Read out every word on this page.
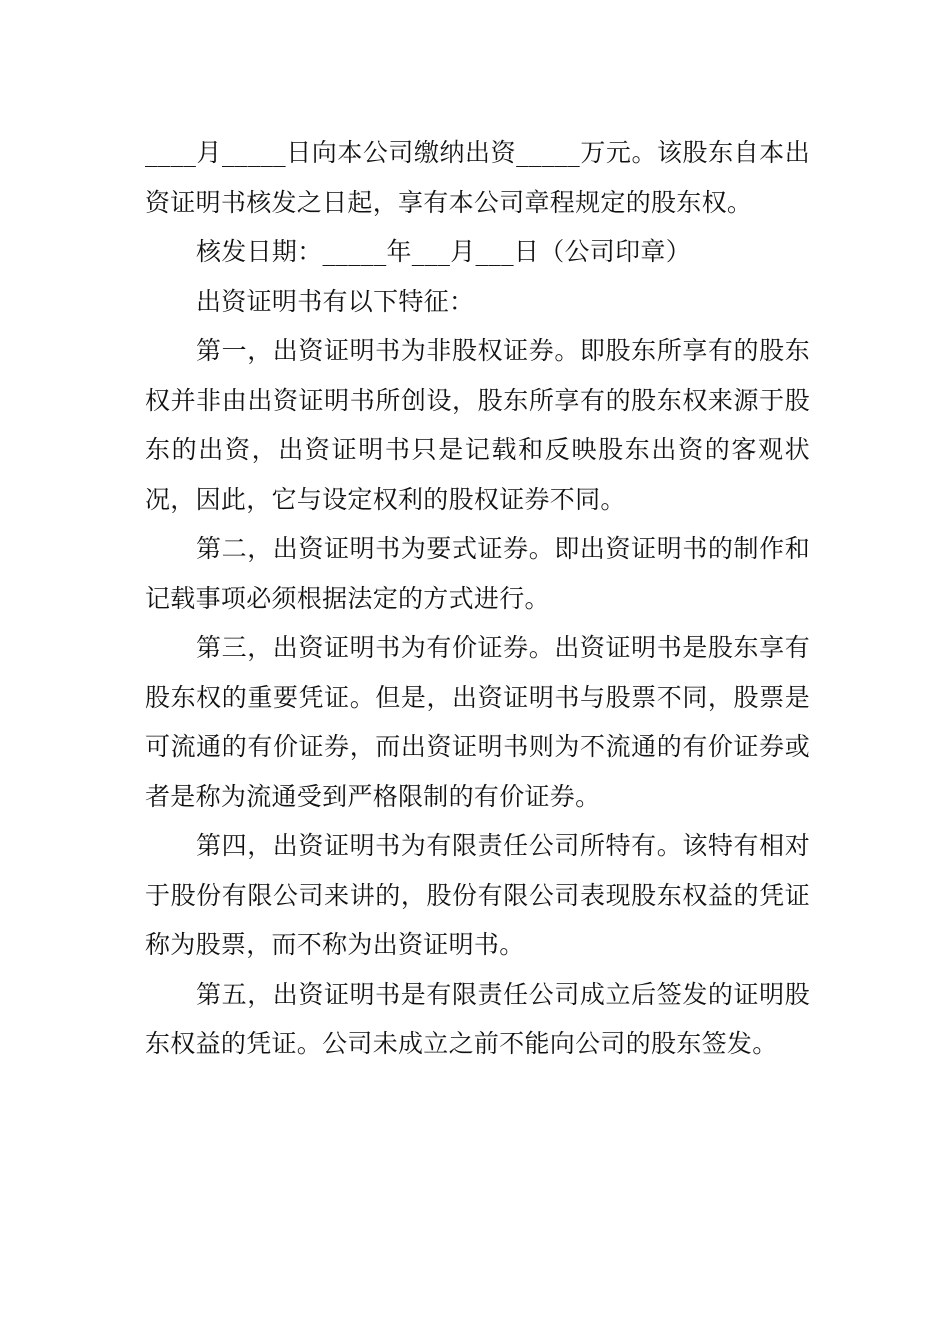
____月_____日向本公司缴纳出资_____万元。该股东自本出资证明书核发之日起，享有本公司章程规定的股东权。

核发日期：_____年___月___日（公司印章）

出资证明书有以下特征：

第一，出资证明书为非股权证券。即股东所享有的股东权并非由出资证明书所创设，股东所享有的股东权来源于股东的出资，出资证明书只是记载和反映股东出资的客观状况，因此，它与设定权利的股权证券不同。

第二，出资证明书为要式证券。即出资证明书的制作和记载事项必须根据法定的方式进行。

第三，出资证明书为有价证券。出资证明书是股东享有股东权的重要凭证。但是，出资证明书与股票不同，股票是可流通的有价证券，而出资证明书则为不流通的有价证券或者是称为流通受到严格限制的有价证券。

第四，出资证明书为有限责任公司所特有。该特有相对于股份有限公司来讲的，股份有限公司表现股东权益的凭证称为股票，而不称为出资证明书。

第五，出资证明书是有限责任公司成立后签发的证明股东权益的凭证。公司未成立之前不能向公司的股东签发。
